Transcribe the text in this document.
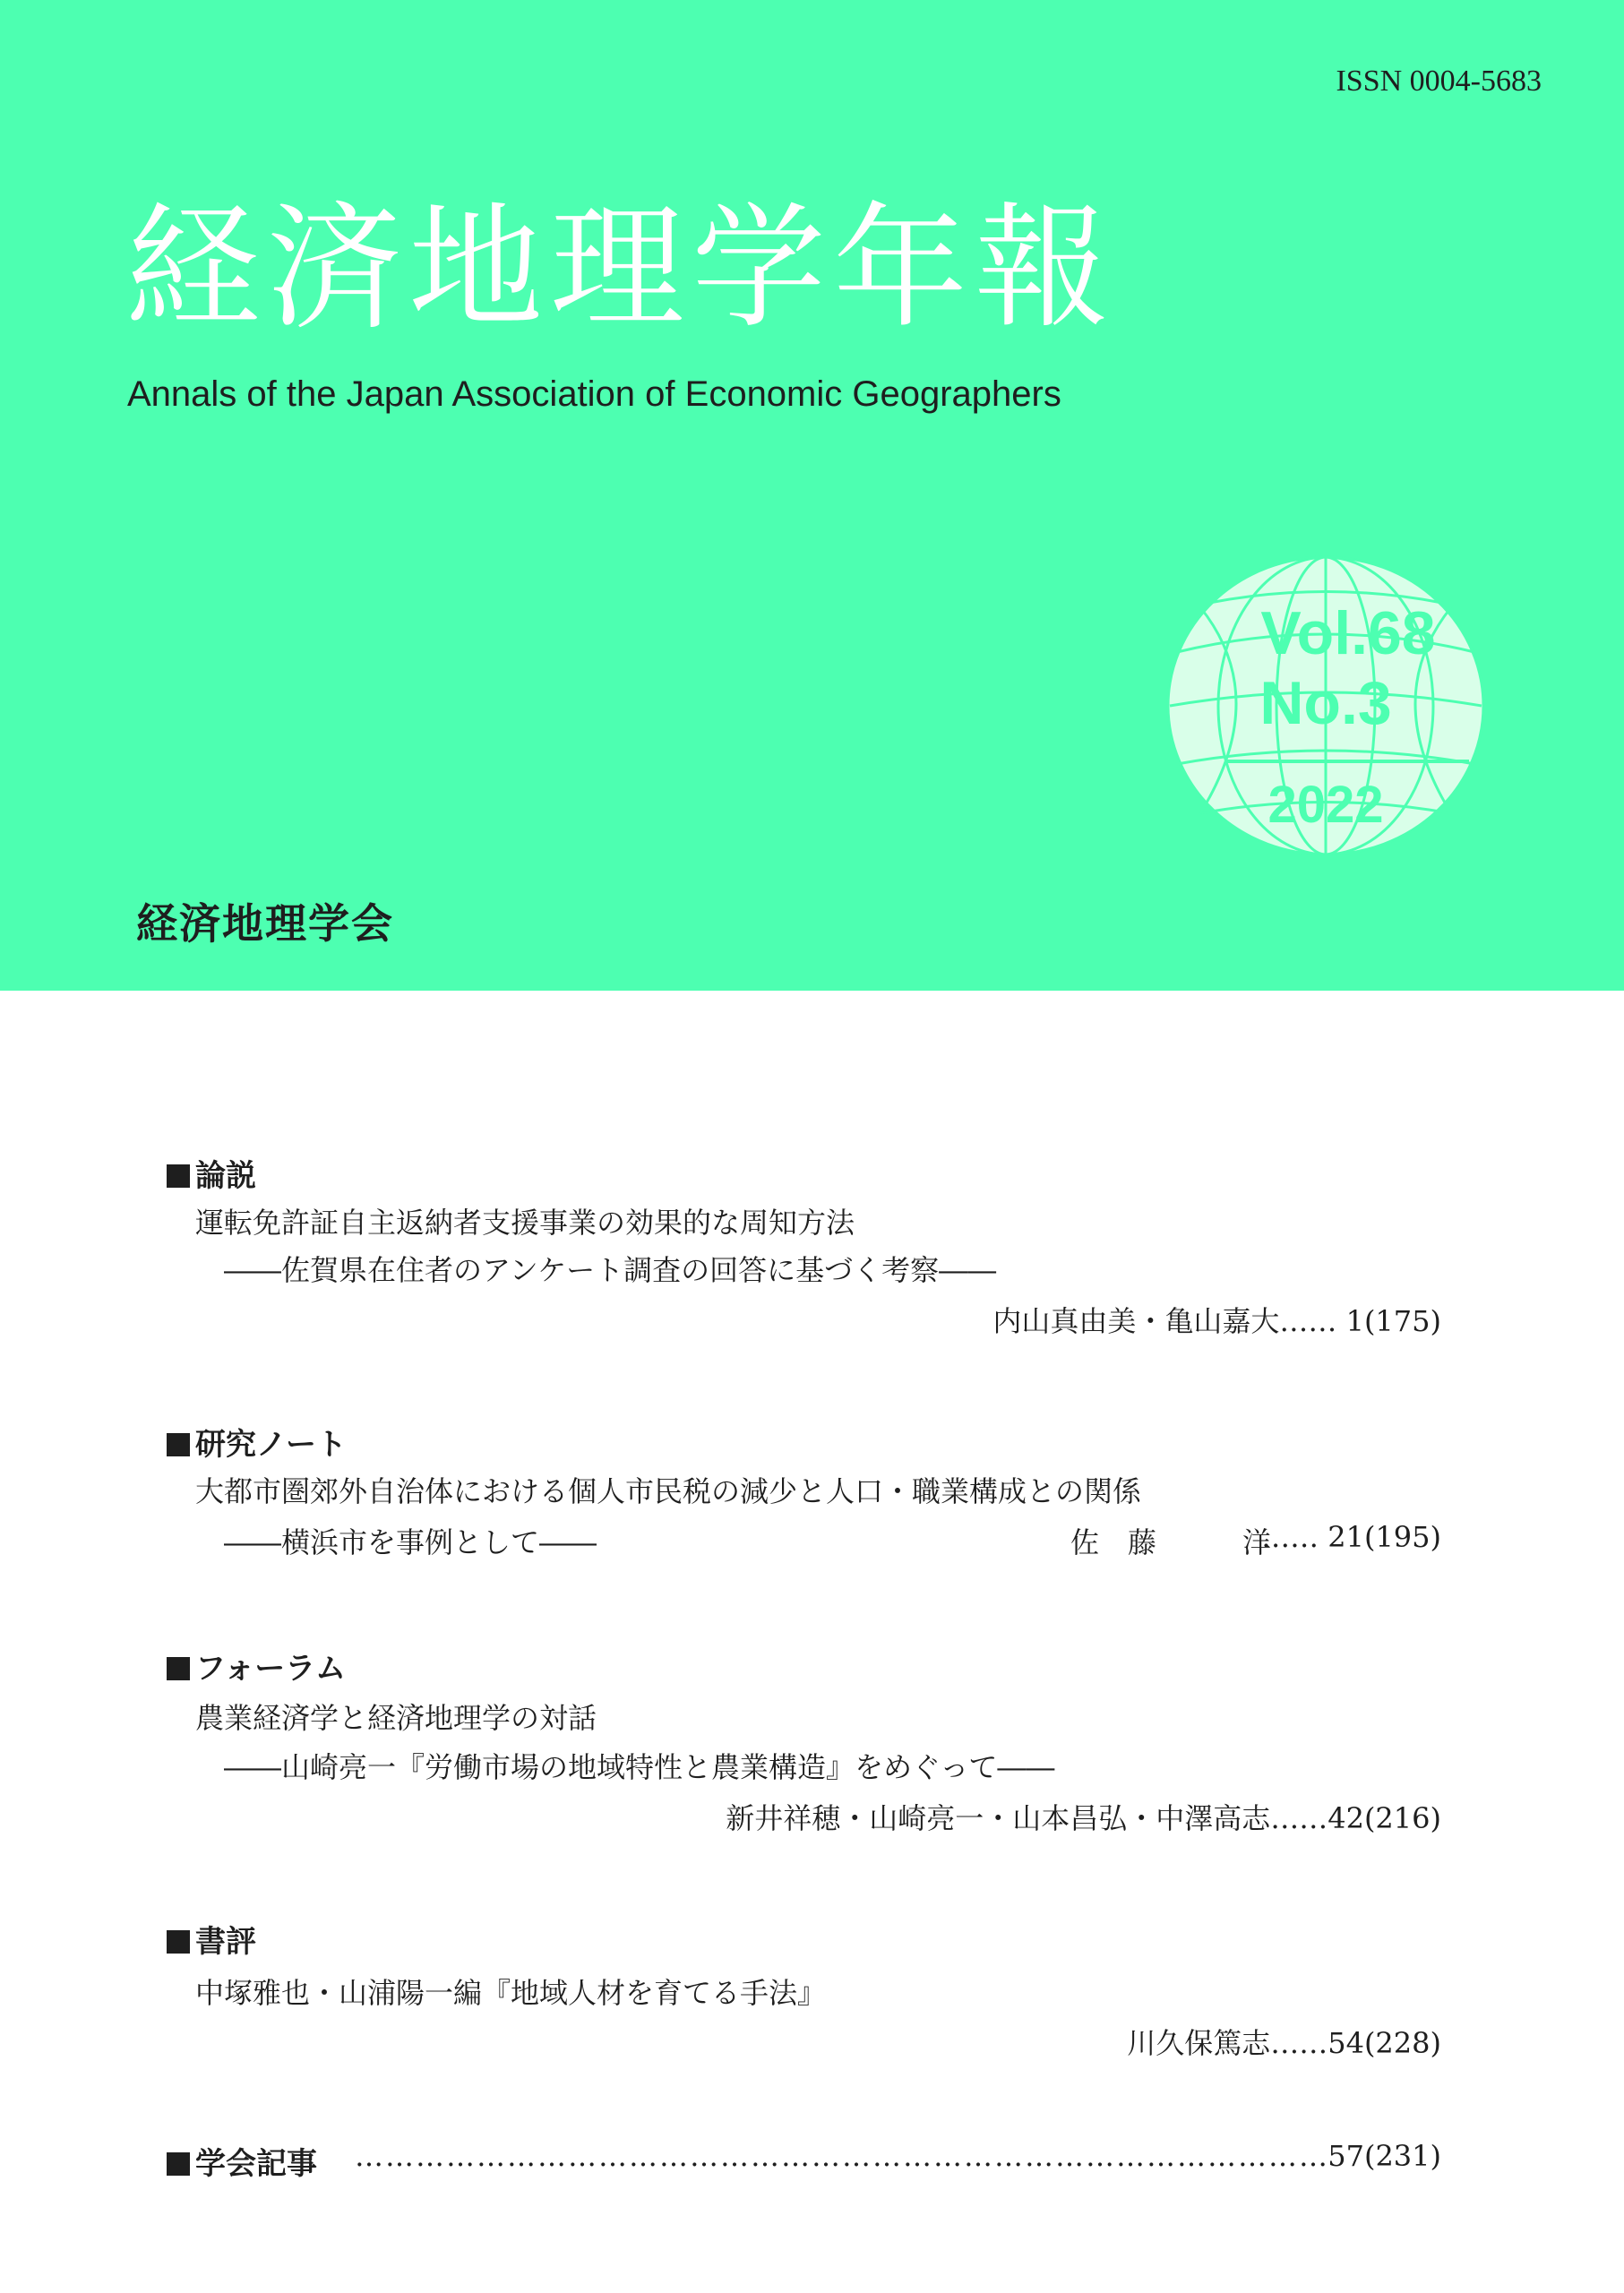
ISSN 0004-5683
経済地理学年報
Annals of the Japan Association of Economic Geographers
Vol.68
No.3
2022
経済地理学会
論説
運転免許証自主返納者支援事業の効果的な周知方法
――佐賀県在住者のアンケート調査の回答に基づく考察――
内山真由美・亀山嘉大…… 1(175)
研究ノート
大都市圏郊外自治体における個人市民税の減少と人口・職業構成との関係
――横浜市を事例として――	佐　藤　　　洋
…… 21(195)
フォーラム
農業経済学と経済地理学の対話
――山崎亮一『労働市場の地域特性と農業構造』をめぐって――
新井祥穂・山崎亮一・山本昌弘・中澤高志……42(216)
書評
中塚雅也・山浦陽一編『地域人材を育てる手法』
川久保篤志……54(228)
学会記事
………………………………………………………………………………………………………………………………	57(231)
